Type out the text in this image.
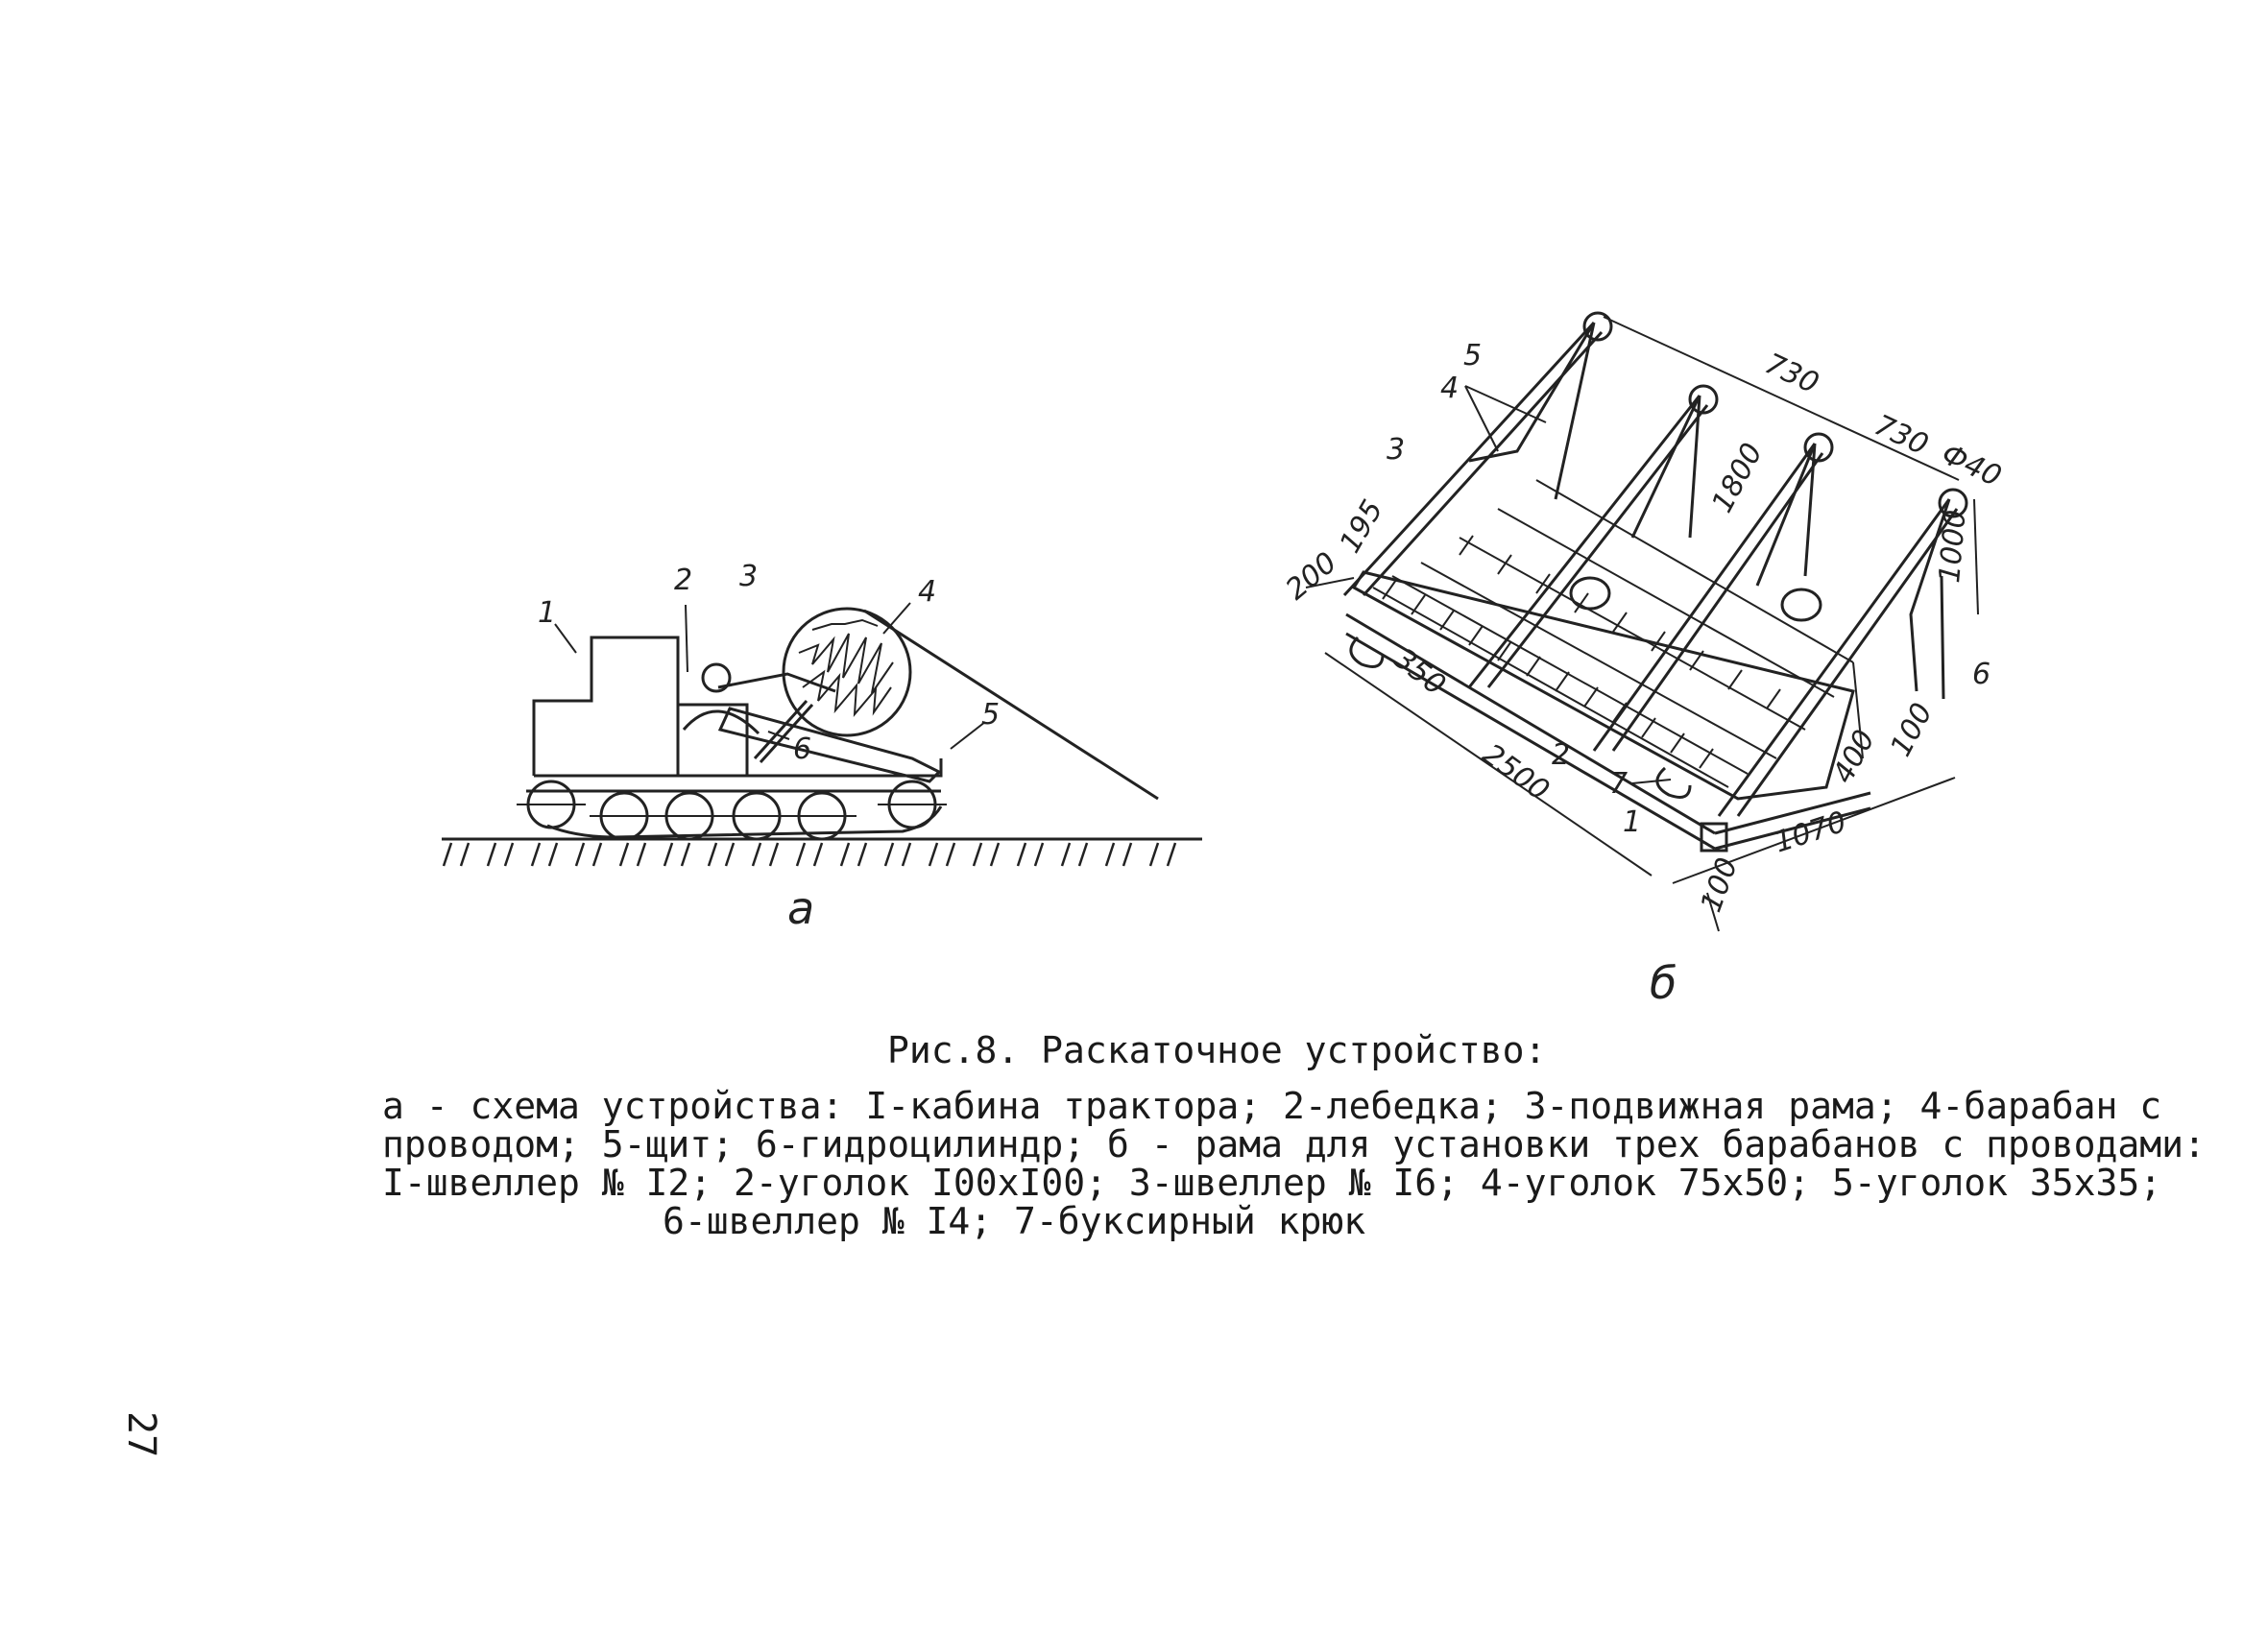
1
2 3	4
5
6
а
730
730
Ф40
1800
1000
200
195
350
2500	400 100
1070
100
1
2
3
4
5
6
7
б
Рис.8. Раскаточное устройство:
а - схема устройства: I-кабина трактора; 2-лебедка; 3-подвижная рама; 4-барабан с
проводом; 5-щит; 6-гидроцилиндр; б - рама для установки трех барабанов с проводами:
I-швеллер № I2; 2-уголок I00xI00; 3-швеллер № I6; 4-уголок 75x50; 5-уголок 35x35;
6-швеллер № I4; 7-буксирный крюк
27
